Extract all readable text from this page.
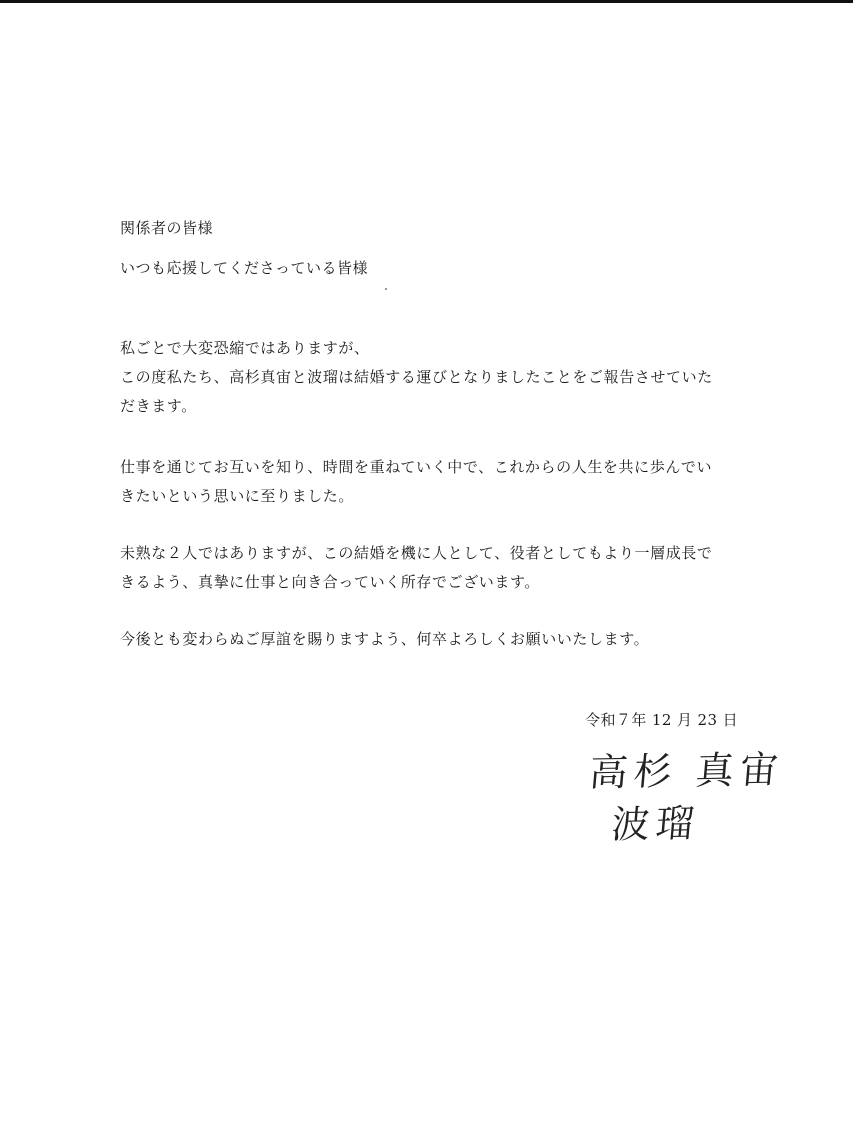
関係者の皆様
いつも応援してくださっている皆様
私ごとで大変恐縮ではありますが、
この度私たち、高杉真宙と波瑠は結婚する運びとなりましたことをご報告させていた
だきます。
仕事を通じてお互いを知り、時間を重ねていく中で、これからの人生を共に歩んでい
きたいという思いに至りました。
未熟な２人ではありますが、この結婚を機に人として、役者としてもより一層成長で
きるよう、真摯に仕事と向き合っていく所存でございます。
今後とも変わらぬご厚誼を賜りますよう、何卒よろしくお願いいたします。
令和７年 12 月 23 日
高杉 真宙
波瑠
